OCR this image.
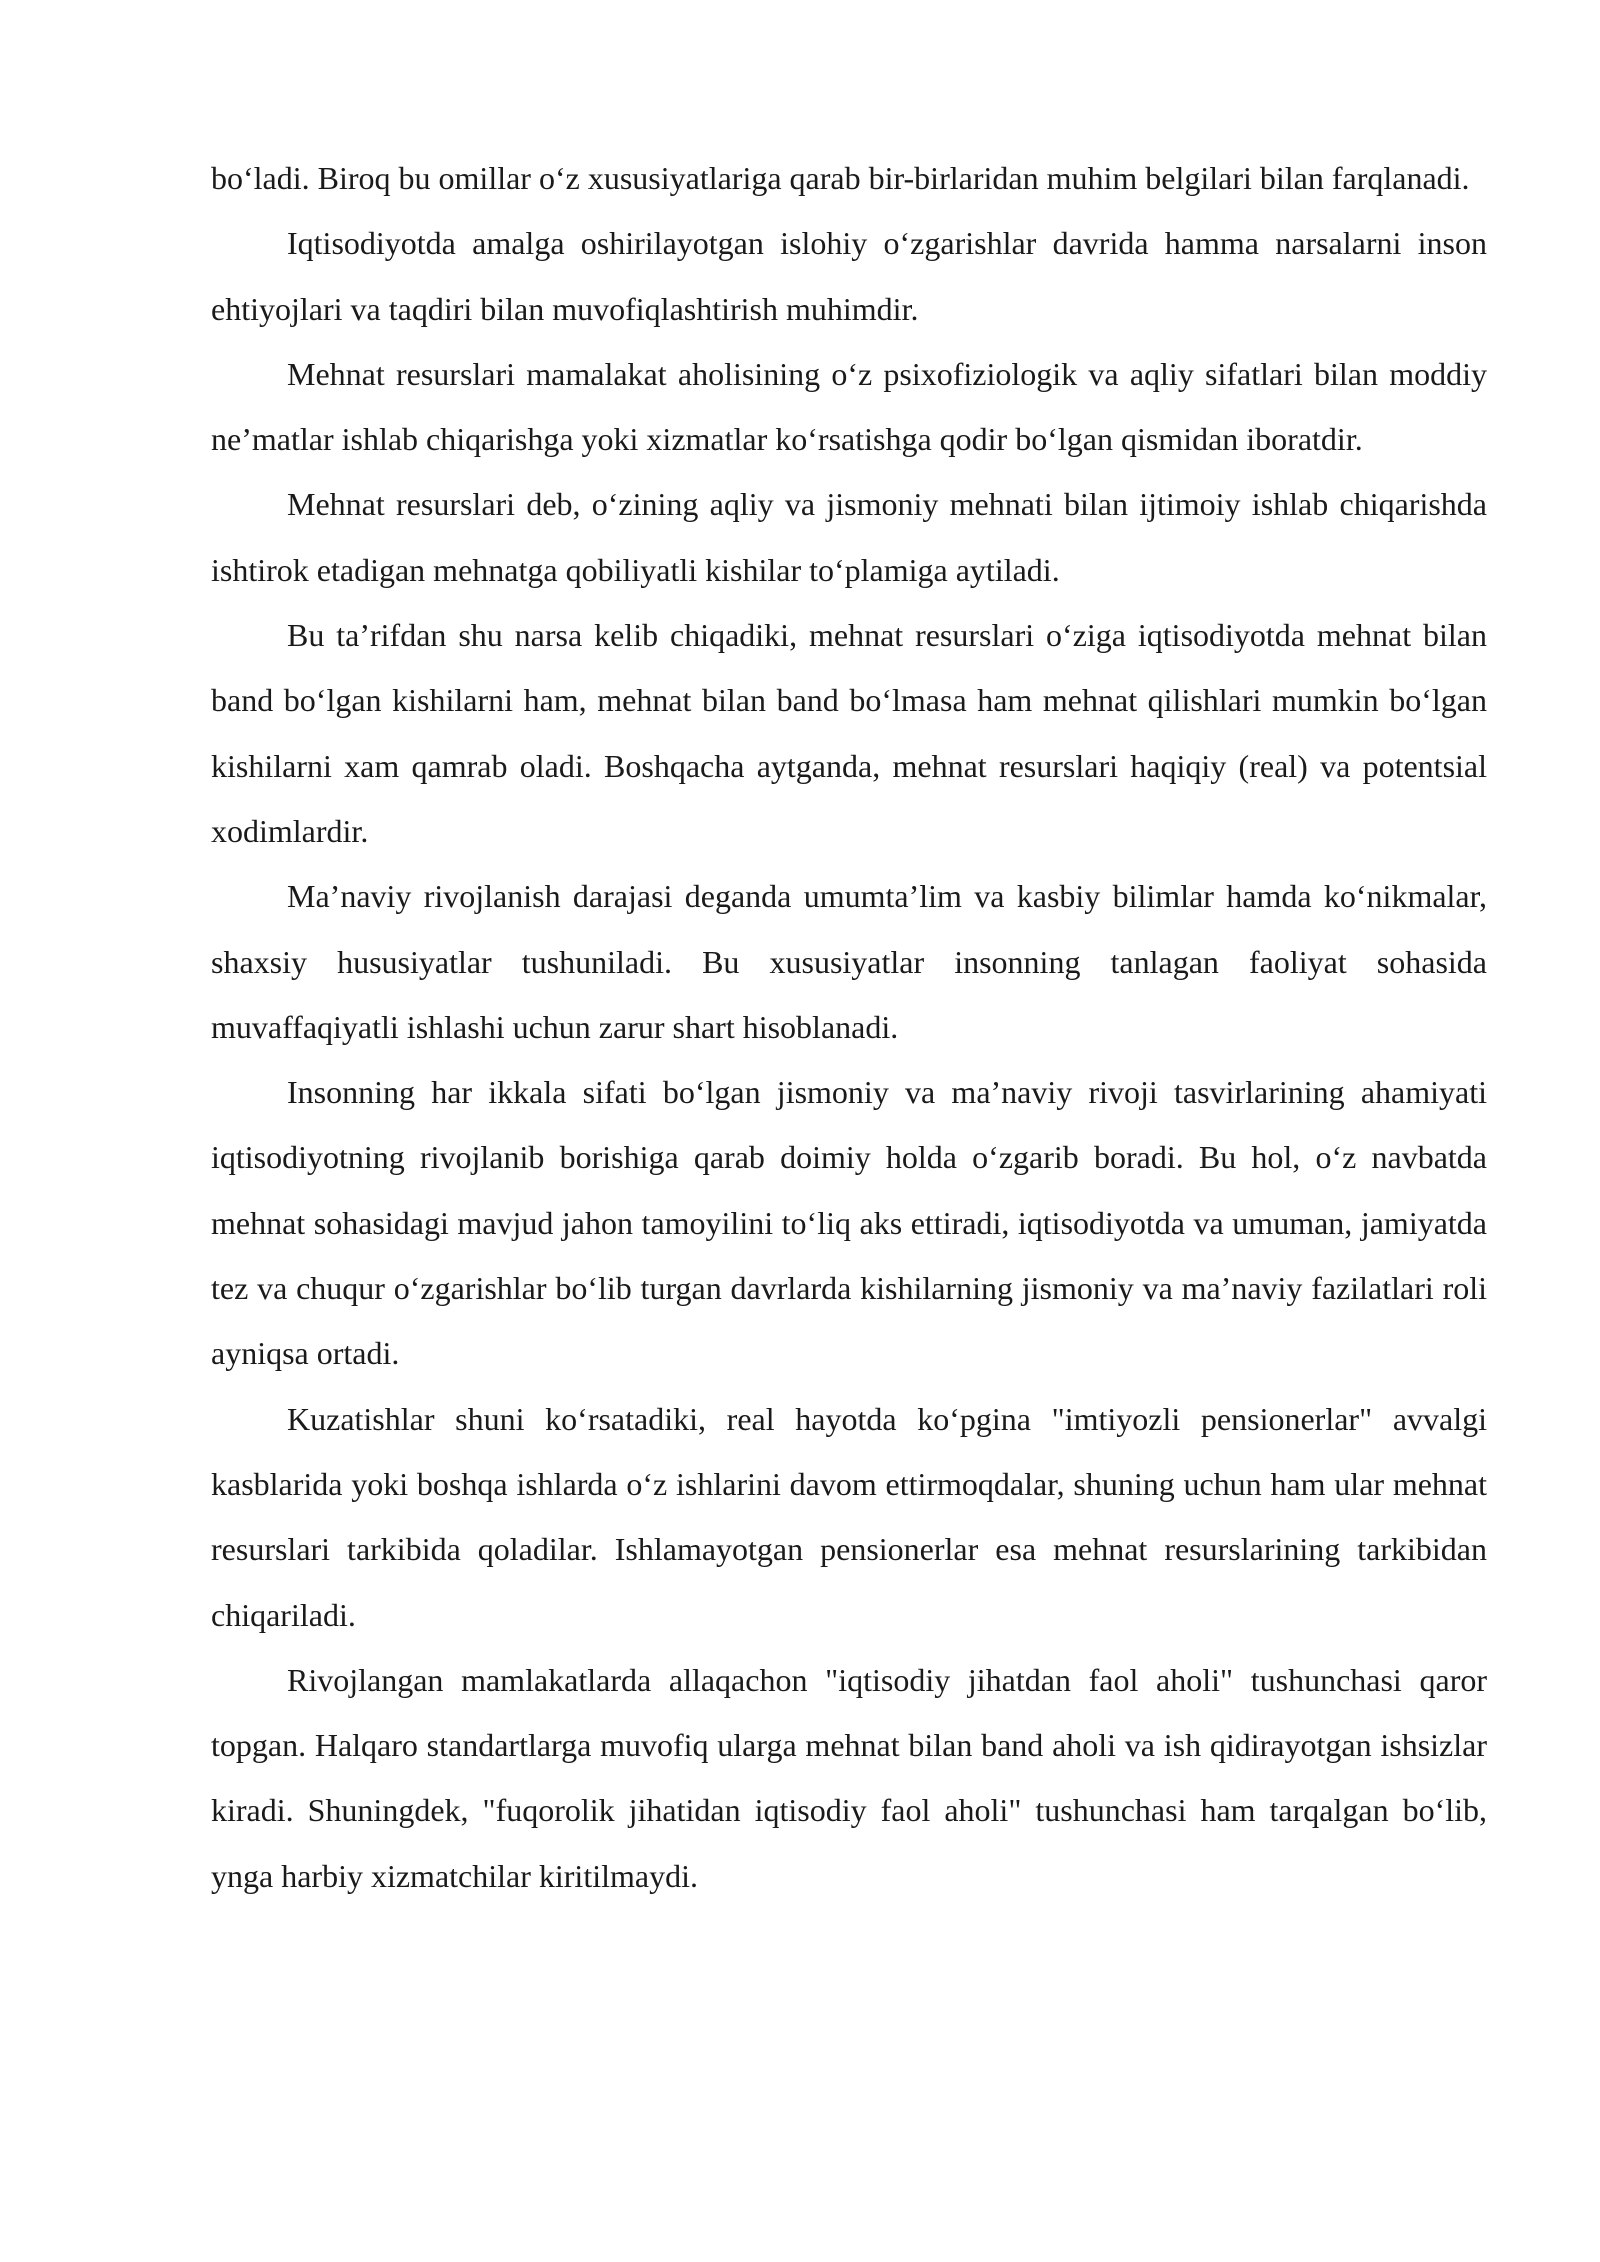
bo‘ladi. Biroq bu omillar o‘z xususiyatlariga qarab bir-birlaridan muhim belgilari bilan farqlanadi.

Iqtisodiyotda amalga oshirilayotgan islohiy o‘zgarishlar davrida hamma narsalarni inson ehtiyojlari va taqdiri bilan muvofiqlashtirish muhimdir.

Mehnat resurslari mamalakat aholisining o‘z psixofiziologik va aqliy sifatlari bilan moddiy ne’matlar ishlab chiqarishga yoki xizmatlar ko‘rsatishga qodir bo‘lgan qismidan iboratdir.

Mehnat resurslari deb, o‘zining aqliy va jismoniy mehnati bilan ijtimoiy ishlab chiqarishda ishtirok etadigan mehnatga qobiliyatli kishilar to‘plamiga aytiladi.

Bu ta’rifdan shu narsa kelib chiqadiki, mehnat resurslari o‘ziga iqtisodiyotda mehnat bilan band bo‘lgan kishilarni ham, mehnat bilan band bo‘lmasa ham mehnat qilishlari mumkin bo‘lgan kishilarni xam qamrab oladi. Boshqacha aytganda, mehnat resurslari haqiqiy (real) va potentsial xodimlardir.

Ma’naviy rivojlanish darajasi deganda umumta’lim va kasbiy bilimlar hamda ko‘nikmalar, shaxsiy hususiyatlar tushuniladi. Bu xususiyatlar insonning tanlagan faoliyat sohasida muvaffaqiyatli ishlashi uchun zarur shart hisoblanadi.

Insonning har ikkala sifati bo‘lgan jismoniy va ma’naviy rivoji tasvirlarining ahamiyati iqtisodiyotning rivojlanib borishiga qarab doimiy holda o‘zgarib boradi. Bu hol, o‘z navbatda mehnat sohasidagi mavjud jahon tamoyilini to‘liq aks ettiradi, iqtisodiyotda va umuman, jamiyatda tez va chuqur o‘zgarishlar bo‘lib turgan davrlarda kishilarning jismoniy va ma’naviy fazilatlari roli ayniqsa ortadi.

Kuzatishlar shuni ko‘rsatadiki, real hayotda ko‘pgina "imtiyozli pensionerlar" avvalgi kasblarida yoki boshqa ishlarda o‘z ishlarini davom ettirmoqdalar, shuning uchun ham ular mehnat resurslari tarkibida qoladilar. Ishlamayotgan pensionerlar esa mehnat resurslarining tarkibidan chiqariladi.

Rivojlangan mamlakatlarda allaqachon "iqtisodiy jihatdan faol aholi" tushunchasi qaror topgan. Halqaro standartlarga muvofiq ularga mehnat bilan band aholi va ish qidirayotgan ishsizlar kiradi. Shuningdek, "fuqorolik jihatidan iqtisodiy faol aholi" tushunchasi ham tarqalgan bo‘lib, ynga harbiy xizmatchilar kiritilmaydi.
